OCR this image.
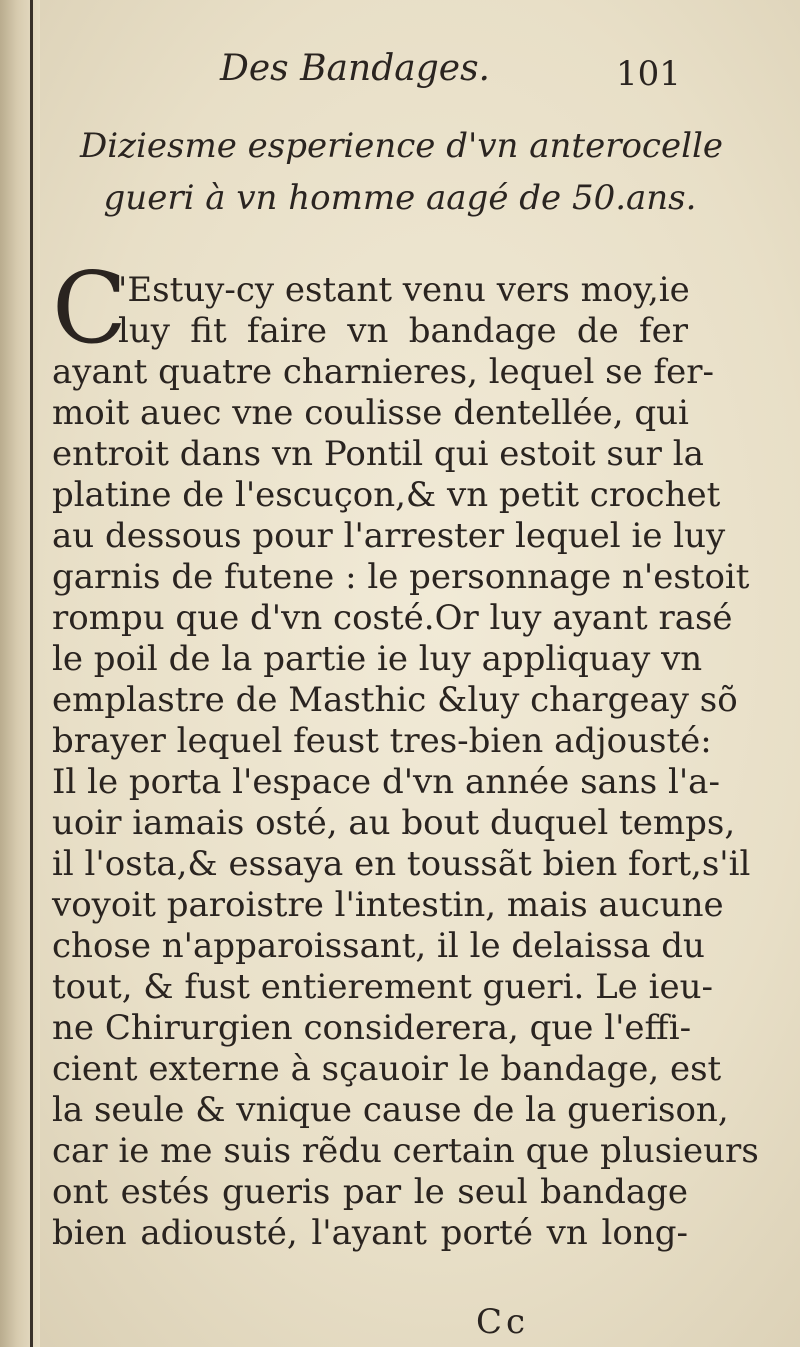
Des Bandages.	101
Diziesme esperience d'vn anterocelle
gueri à vn homme aagé de 50.ans.
C
'Estuy-cy estant venu vers moy,ie
luy fit faire vn bandage de fer
ayant quatre charnieres, lequel se fer-
moit auec vne coulisse dentellée, qui
entroit dans vn Pontil qui estoit sur la
platine de l'escuçon,& vn petit crochet
au dessous pour l'arrester lequel ie luy
garnis de futene : le personnage n'estoit
rompu que d'vn costé.Or luy ayant rasé
le poil de la partie ie luy appliquay vn
emplastre de Masthic &luy chargeay sõ
brayer lequel feust tres-bien adjousté:
Il le porta l'espace d'vn année sans l'a-
uoir iamais osté, au bout duquel temps,
il l'osta,& essaya en toussãt bien fort,s'il
voyoit paroistre l'intestin, mais aucune
chose n'apparoissant, il le delaissa du
tout, & fust entierement gueri. Le ieu-
ne Chirurgien considerera, que l'effi-
cient externe à sçauoir le bandage, est
la seule & vnique cause de la guerison,
car ie me suis rẽdu certain que plusieurs
ont estés gueris par le seul bandage
bien adiousté, l'ayant porté vn long-
Cc
